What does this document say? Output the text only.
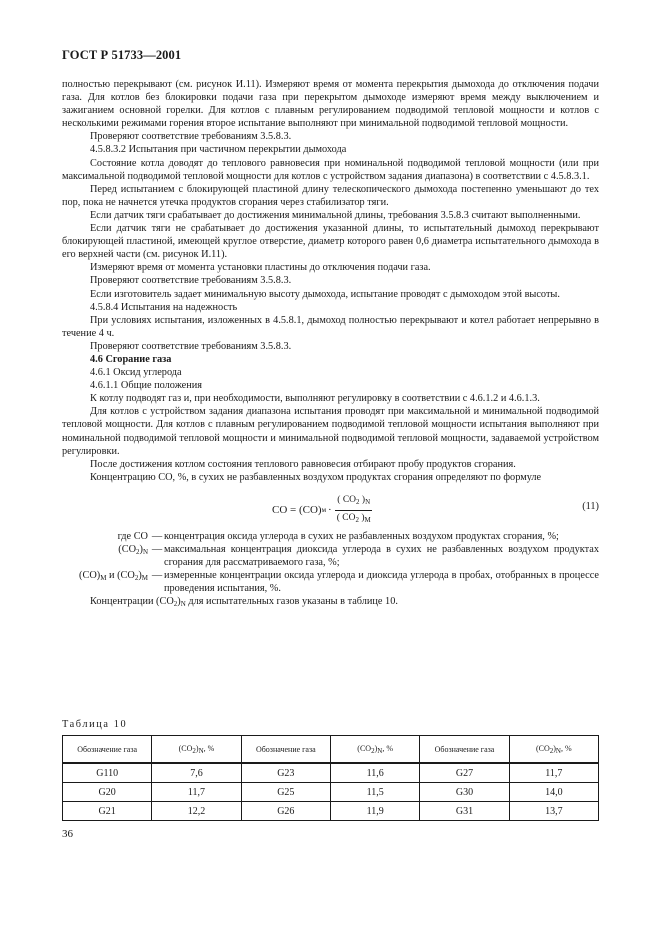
ГОСТ Р 51733—2001

полностью перекрывают (см. рисунок И.11). Измеряют время от момента перекрытия дымохода до отключения подачи газа. Для котлов без блокировки подачи газа при перекрытом дымоходе измеряют время между выключением и зажиганием основной горелки. Для котлов с плавным регулированием подводимой тепловой мощности и котлов с несколькими режимами горения второе испытание выполняют при минимальной подводимой тепловой мощности.

Проверяют соответствие требованиям 3.5.8.3.

4.5.8.3.2 Испытания при частичном перекрытии дымохода

Состояние котла доводят до теплового равновесия при номинальной подводимой тепловой мощности (или при максимальной подводимой тепловой мощности для котлов с устройством задания диапазона) в соответствии с 4.5.8.3.1.

Перед испытанием с блокирующей пластиной длину телескопического дымохода постепенно уменьшают до тех пор, пока не начнется утечка продуктов сгорания через стабилизатор тяги.

Если датчик тяги срабатывает до достижения минимальной длины, требования 3.5.8.3 считают выполненными.

Если датчик тяги не срабатывает до достижения указанной длины, то испытательный дымоход перекрывают блокирующей пластиной, имеющей круглое отверстие, диаметр которого равен 0,6 диаметра испытательного дымохода в его верхней части (см. рисунок И.11).

Измеряют время от момента установки пластины до отключения подачи газа.

Проверяют соответствие требованиям 3.5.8.3.

Если изготовитель задает минимальную высоту дымохода, испытание проводят с дымоходом этой высоты.

4.5.8.4 Испытания на надежность

При условиях испытания, изложенных в 4.5.8.1, дымоход полностью перекрывают и котел работает непрерывно в течение 4 ч.

Проверяют соответствие требованиям 3.5.8.3.

4.6 Сгорание газа

4.6.1 Оксид углерода

4.6.1.1 Общие положения

К котлу подводят газ и, при необходимости, выполняют регулировку в соответствии с 4.6.1.2 и 4.6.1.3.

Для котлов с устройством задания диапазона испытания проводят при максимальной и минимальной подводимой тепловой мощности. Для котлов с плавным регулированием подводимой тепловой мощности испытания выполняют при номинальной подводимой тепловой мощности и минимальной подводимой тепловой мощности, задаваемой устройством регулировки.

После достижения котлом состояния теплового равновесия отбирают пробу продуктов сгорания.

Концентрацию СО, %, в сухих не разбавленных воздухом продуктах сгорания определяют по формуле

CO = (CO) $м \cdot \frac{( CO_2 )_N}{( CO_2 )_M}$	(11)
где СО — концентрация оксида углерода в сухих не разбавленных воздухом продуктах сгорания, %;
$(СО_2)_N$ — максимальная концентрация диоксида углерода в сухих не разбавленных воздухом продуктах сгорания для рассматриваемого газа, %;
$(СО)_М$ и $(СО_2)_М$ — измеренные концентрации оксида углерода и диоксида углерода в пробах, отобранных в процессе проведения испытания, %.

Концентрации $(СО_2)_N$ для испытательных газов указаны в таблице 10.

Таблица 10
Обозначение газа	$(СО_2)_N$, %	Обозначение газа	$(СО_2)_N$, %	Обозначение газа	$(СО_2)_N$, %
G110	7,6	G23	11,6	G27	11,7
G20	11,7	G25	11,5	G30	14,0
G21	12,2	G26	11,9	G31	13,7
36
